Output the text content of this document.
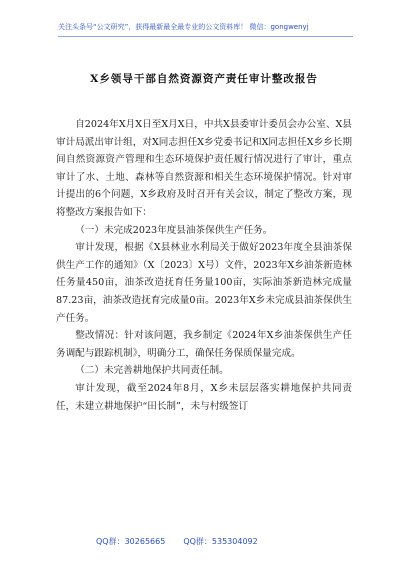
关注头条号“公文研究”，获得最新最全最专业的公文资料库！ 微信：gongwenyj
X乡领导干部自然资源资产责任审计整改报告

自2024年X月X日至X月X日，中共X县委审计委员会办公室、X县审计局派出审计组，对X同志担任X乡党委书记和X同志担任X乡乡长期间自然资源资产管理和生态环境保护责任履行情况进行了审计，重点审计了水、土地、森林等自然资源和相关生态环境保护情况。针对审计提出的6个问题，X乡政府及时召开有关会议，制定了整改方案，现将整改方案报告如下：

（一）未完成2023年度县油茶保供生产任务。

审计发现，根据《X县林业水利局关于做好2023年度全县油茶保供生产工作的通知》（X〔2023〕X号）文件，2023年X乡油茶新造林任务量450亩，油茶改造抚育任务量100亩，实际油茶新造林完成量87.23亩，油茶改造抚育完成量0亩。2023年X乡未完成县油茶保供生产任务。

整改情况：针对该问题，我乡制定《2024年X乡油茶保供生产任务调配与跟踪机制》，明确分工，确保任务保质保量完成。

（二）未完善耕地保护共同责任制。

审计发现，截至2024年8月，X乡未层层落实耕地保护共同责任，未建立耕地保护“田长制”，未与村级签订

QQ群：30265665 QQ群：535304092
